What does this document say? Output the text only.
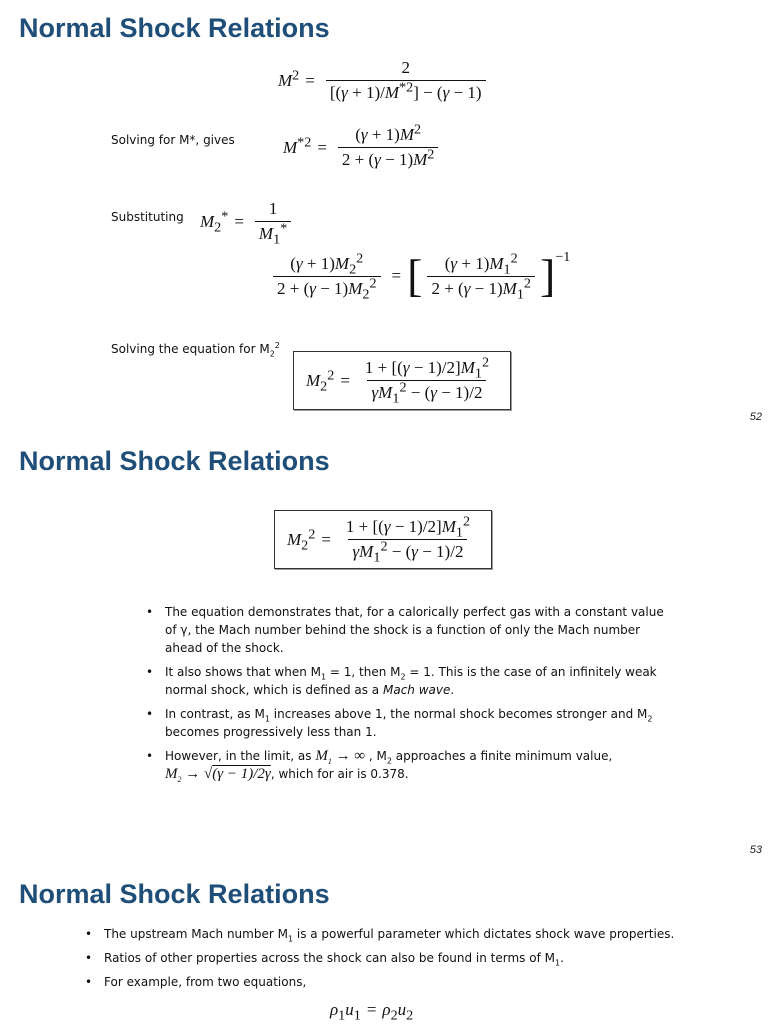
Normal Shock Relations
$M^2 = \frac{2}{[(\gamma + 1)/M^{*2}] - (\gamma - 1)}$
Solving for M*, gives	$M^{*2} = \frac{(\gamma + 1)M^2}{2 + (\gamma - 1)M^2}$
Substituting $M_2^* = \frac{1}{M_1^*}$
$\frac{(\gamma + 1)M_2^2}{2 + (\gamma - 1)M_2^2}$ = [ $\frac{(\gamma + 1)M_1^2}{2 + (\gamma - 1)M_1^2}$ ] −1
Solving the equation for $M_2^2$
$M_2^2 = \frac{1 + [(\gamma - 1)/2]M_1^2}{\gamma M_1^2 - (\gamma - 1)/2}$
52
Normal Shock Relations
$M_2^2 = \frac{1 + [(\gamma - 1)/2]M_1^2}{\gamma M_1^2 - (\gamma - 1)/2}$
• The equation demonstrates that, for a calorically perfect gas with a constant value of γ, the Mach number behind the shock is a function of only the Mach number ahead of the shock.
• It also shows that when $M_1 = 1$, then $M_2 = 1$. This is the case of an infinitely weak normal shock, which is defined as a Mach wave.
• In contrast, as $M_1$ increases above 1, the normal shock becomes stronger and $M_2$ becomes progressively less than 1.
• However, in the limit, as $M_1$ → ∞ , $M_2$ approaches a finite minimum value,
$M_2 \to √(\gamma - 1)/2\gamma$, which for air is 0.378.
53
Normal Shock Relations
• The upstream Mach number $M_1$ is a powerful parameter which dictates shock wave properties.
• Ratios of other properties across the shock can also be found in terms of $M_1$.
• For example, from two equations,
$\rho_1u_1 = \rho_2u_2$
